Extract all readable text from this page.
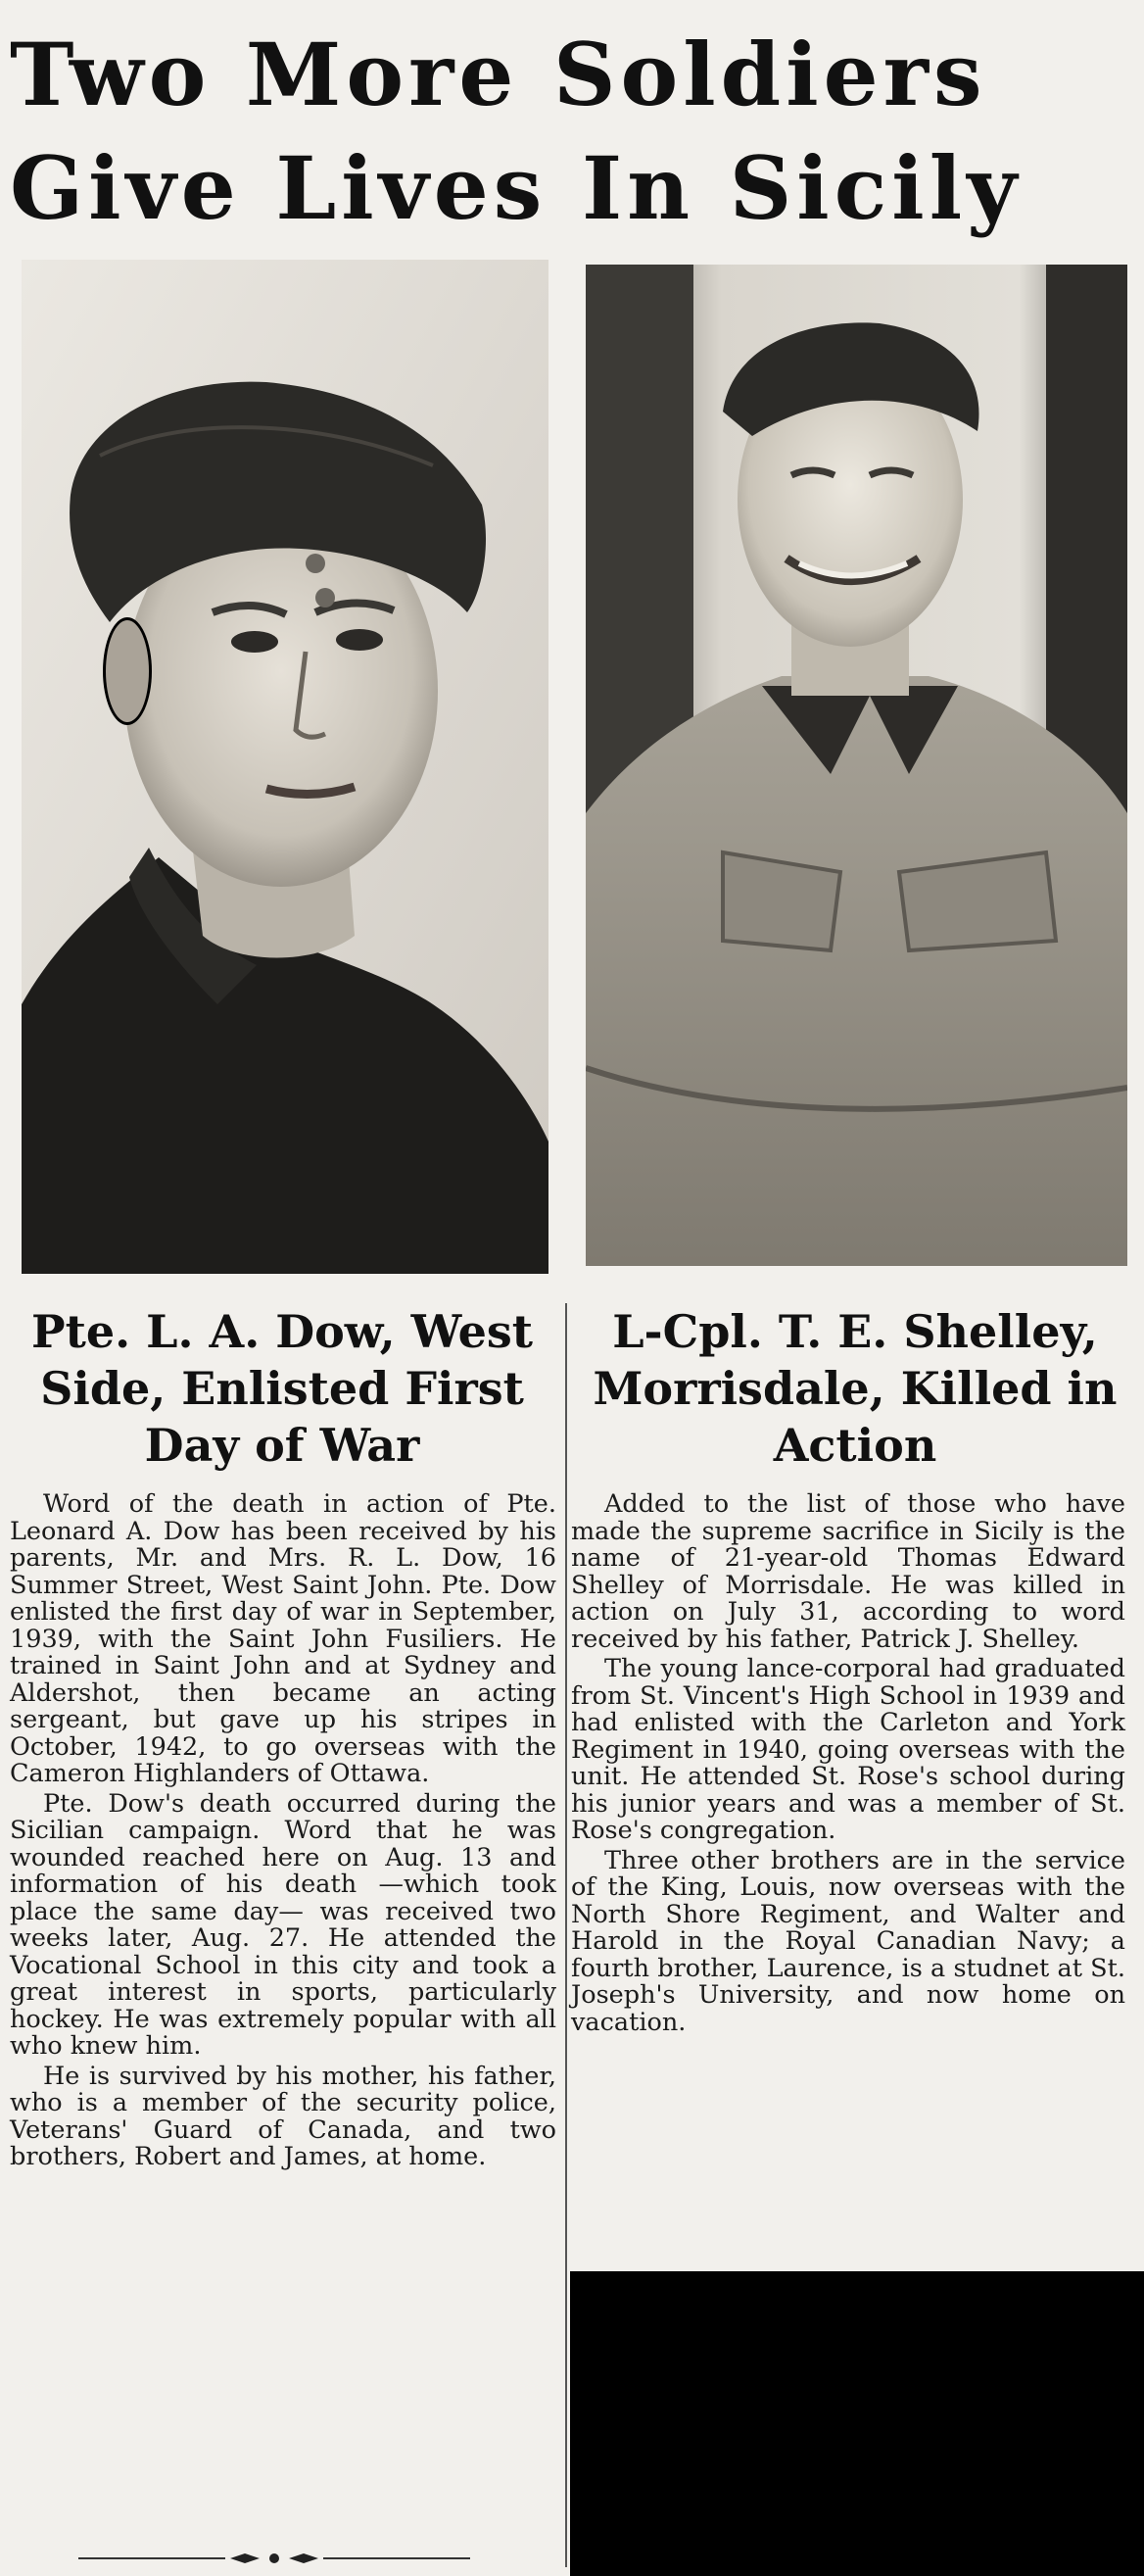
Two More Soldiers
Give Lives In Sicily
Pte. L. A. Dow, West Side, Enlisted First Day of War
L-Cpl. T. E. Shelley, Morrisdale, Killed in Action

Word of the death in action of Pte. Leonard A. Dow has been received by his parents, Mr. and Mrs. R. L. Dow, 16 Summer Street, West Saint John. Pte. Dow enlisted the first day of war in September, 1939, with the Saint John Fusiliers. He trained in Saint John and at Sydney and Aldershot, then became an acting sergeant, but gave up his stripes in October, 1942, to go overseas with the Cameron Highlanders of Ottawa.

Pte. Dow's death occurred during the Sicilian campaign. Word that he was wounded reached here on Aug. 13 and information of his death —which took place the same day— was received two weeks later, Aug. 27. He attended the Vocational School in this city and took a great interest in sports, particularly hockey. He was extremely popular with all who knew him.

He is survived by his mother, his father, who is a member of the security police, Veterans' Guard of Canada, and two brothers, Robert and James, at home.

Added to the list of those who have made the supreme sacrifice in Sicily is the name of 21-year-old Thomas Edward Shelley of Morrisdale. He was killed in action on July 31, according to word received by his father, Patrick J. Shelley.

The young lance-corporal had graduated from St. Vincent's High School in 1939 and had enlisted with the Carleton and York Regiment in 1940, going overseas with the unit. He attended St. Rose's school during his junior years and was a member of St. Rose's congregation.

Three other brothers are in the service of the King, Louis, now overseas with the North Shore Regiment, and Walter and Harold in the Royal Canadian Navy; a fourth brother, Laurence, is a studnet at St. Joseph's University, and now home on vacation.
